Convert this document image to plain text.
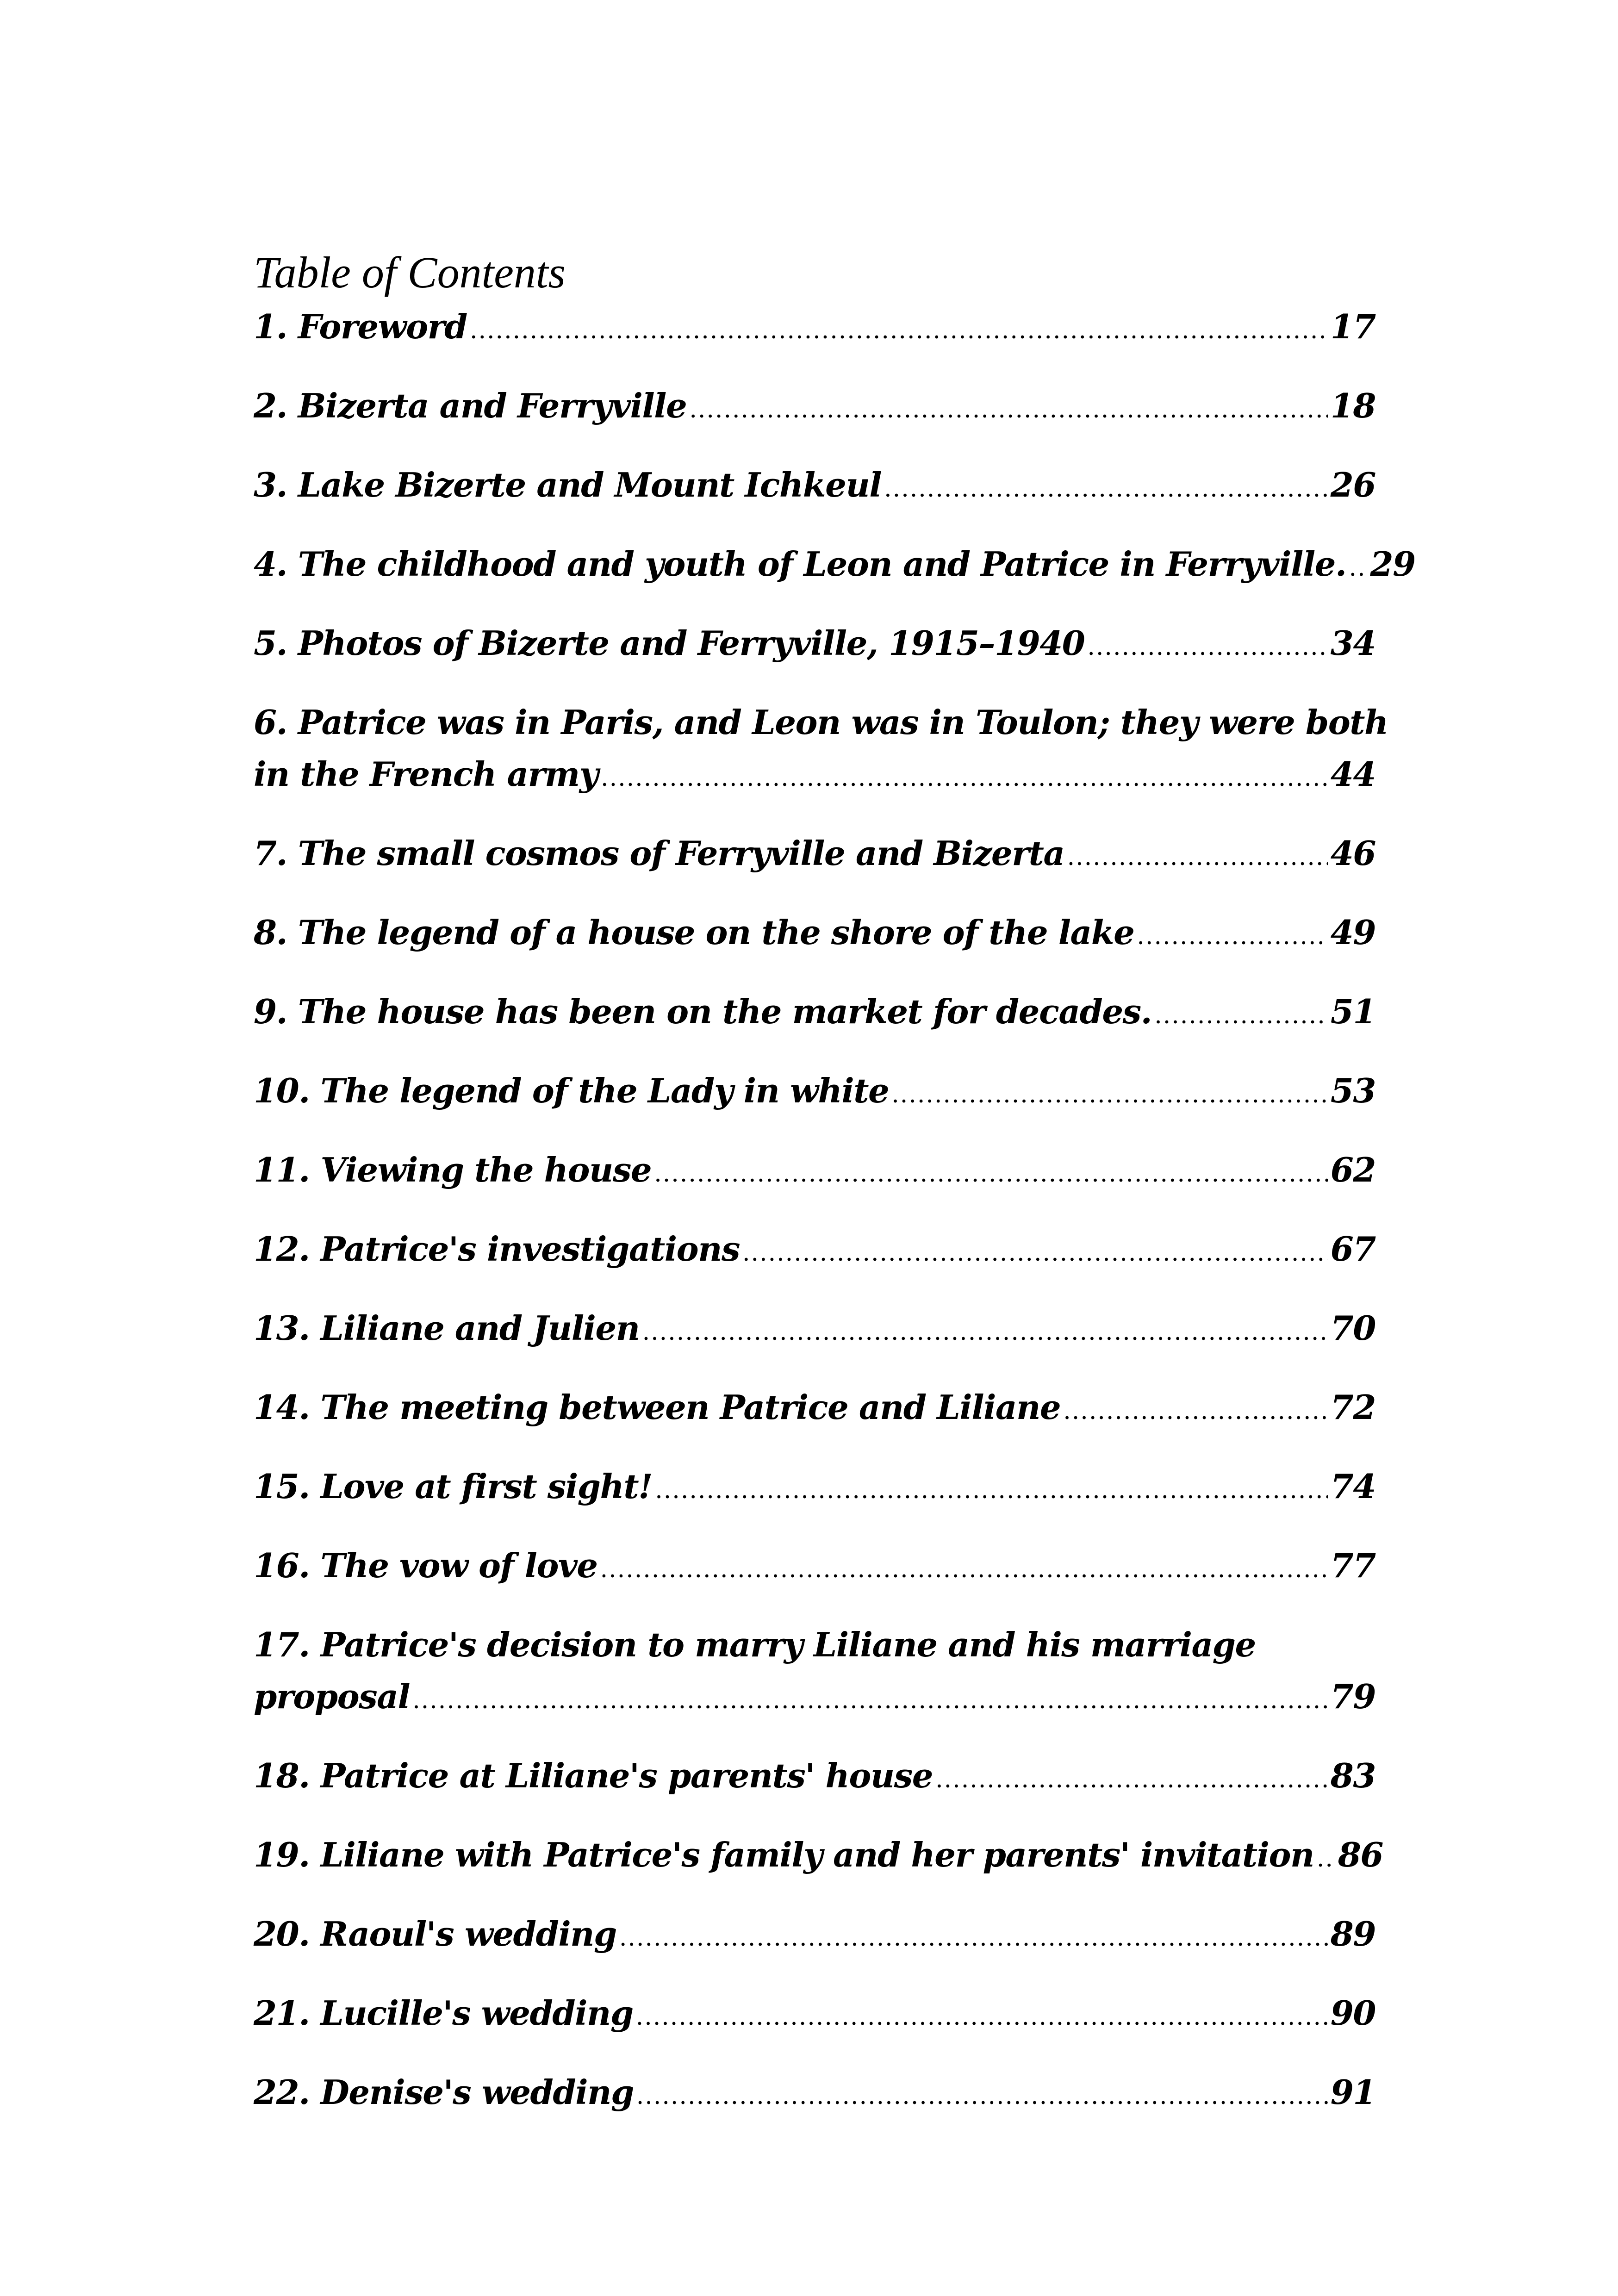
Table of Contents
1. Foreword .....	17
2. Bizerta and Ferryville .....	18
3. Lake Bizerte and Mount Ichkeul .....	26
4. The childhood and youth of Leon and Patrice in Ferryville. ..... 29
5. Photos of Bizerte and Ferryville, 1915–1940 .....	34
6. Patrice was in Paris, and Leon was in Toulon; they were both
in the French army .....	44
7. The small cosmos of Ferryville and Bizerta .....	46
8. The legend of a house on the shore of the lake .....	49
9. The house has been on the market for decades. .....	51
10. The legend of the Lady in white .....	53
11. Viewing the house .....	62
12. Patrice's investigations .....	67
13. Liliane and Julien .....	70
14. The meeting between Patrice and Liliane .....	72
15. Love at first sight! .....	74
16. The vow of love .....	77
17. Patrice's decision to marry Liliane and his marriage
proposal .....	79
18. Patrice at Liliane's parents' house .....	83
19. Liliane with Patrice's family and her parents' invitation ..... 86
20. Raoul's wedding .....	89
21. Lucille's wedding .....	90
22. Denise's wedding .....	91
